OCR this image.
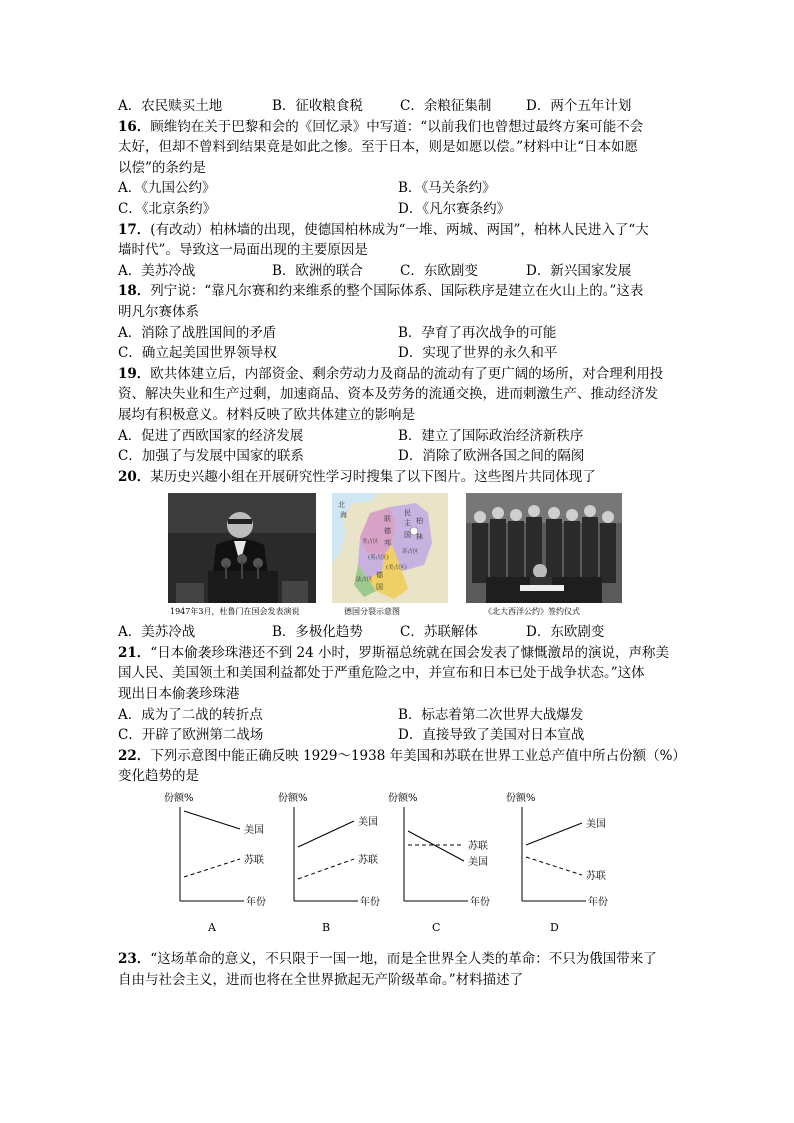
A．农民赎买土地	B．征收粮食税	C．余粮征集制	D．两个五年计划
16．顾维钧在关于巴黎和会的《回忆录》中写道：“以前我们也曾想过最终方案可能不会
太好，但却不曾料到结果竟是如此之惨。至于日本，则是如愿以偿。”材料中让“日本如愿
以偿”的条约是
A．《九国公约》	B．《马关条约》
C．《北京条约》	D．《凡尔赛条约》
17．(有改动）柏林墙的出现，使德国柏林成为“一堆、两城、两国”，柏林人民进入了“大
墙时代”。导致这一局面出现的主要原因是
A．美苏冷战	B．欧洲的联合	C．东欧剧变	D．新兴国家发展
18．列宁说：“靠凡尔赛和约来维系的整个国际体系、国际秩序是建立在火山上的。”这表
明凡尔赛体系
A．消除了战胜国间的矛盾	B．孕育了再次战争的可能
C．确立起美国世界领导权	D．实现了世界的永久和平
19．欧共体建立后，内部资金、剩余劳动力及商品的流动有了更广阔的场所，对合理利用投
资、解决失业和生产过剩，加速商品、资本及劳务的流通交换，进而刺激生产、推动经济发
展均有积极意义。材料反映了欧共体建立的影响是
A．促进了西欧国家的经济发展	B．建立了国际政治经济新秩序
C．加强了与发展中国家的联系	D．消除了欧洲各国之间的隔阂
20．某历史兴趣小组在开展研究性学习时搜集了以下图片。这些图片共同体现了
1947年3月，杜鲁门在国会发表演说
北
海	联
民
主 柏
林
德
邦
美占区
苏占区
(英占区)
国
法占区
德
国
(美占区)
德国分裂示意图	《北大西洋公约》签约仪式
A．美苏冷战	B．多极化趋势	C．苏联解体	D．东欧剧变
21．“日本偷袭珍珠港还不到 24 小时，罗斯福总统就在国会发表了慷慨激昂的演说，声称美
国人民、美国领土和美国利益都处于严重危险之中，并宣布和日本已处于战争状态。”这体
现出日本偷袭珍珠港
A．成为了二战的转折点	B．标志着第二次世界大战爆发
C．开辟了欧洲第二战场	D．直接导致了美国对日本宣战
22．下列示意图中能正确反映 1929～1938 年美国和苏联在世界工业总产值中所占份额（%）
变化趋势的是
份额%
年份
美国
苏联
A
份额%
年份
美国
苏联
B
份额%
年份
苏联
美国
C
份额%
年份
美国
苏联
D
23．“这场革命的意义，不只限于一国一地，而是全世界全人类的革命：不只为俄国带来了
自由与社会主义，进而也将在全世界掀起无产阶级革命。”材料描述了
